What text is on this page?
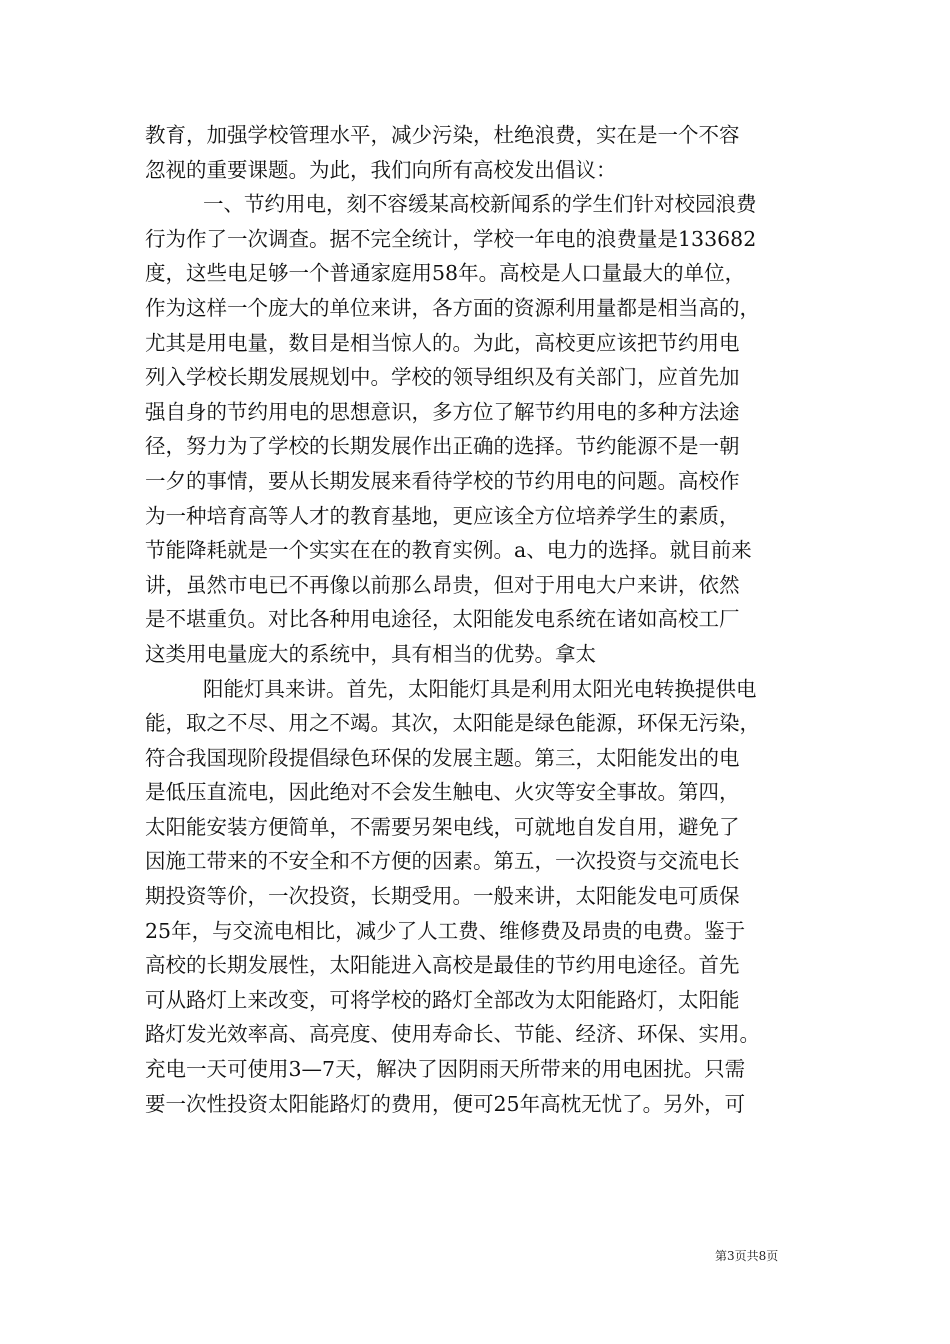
教育，加强学校管理水平，减少污染，杜绝浪费，实在是一个不容
忽视的重要课题。为此，我们向所有高校发出倡议：
一、节约用电，刻不容缓某高校新闻系的学生们针对校园浪费
行为作了一次调查。据不完全统计，学校一年电的浪费量是133682
度，这些电足够一个普通家庭用58年。高校是人口量最大的单位，
作为这样一个庞大的单位来讲，各方面的资源利用量都是相当高的，
尤其是用电量，数目是相当惊人的。为此，高校更应该把节约用电
列入学校长期发展规划中。学校的领导组织及有关部门，应首先加
强自身的节约用电的思想意识，多方位了解节约用电的多种方法途
径，努力为了学校的长期发展作出正确的选择。节约能源不是一朝
一夕的事情，要从长期发展来看待学校的节约用电的问题。高校作
为一种培育高等人才的教育基地，更应该全方位培养学生的素质，
节能降耗就是一个实实在在的教育实例。a、电力的选择。就目前来
讲，虽然市电已不再像以前那么昂贵，但对于用电大户来讲，依然
是不堪重负。对比各种用电途径，太阳能发电系统在诸如高校工厂
这类用电量庞大的系统中，具有相当的优势。拿太
阳能灯具来讲。首先，太阳能灯具是利用太阳光电转换提供电
能，取之不尽、用之不竭。其次，太阳能是绿色能源，环保无污染，
符合我国现阶段提倡绿色环保的发展主题。第三，太阳能发出的电
是低压直流电，因此绝对不会发生触电、火灾等安全事故。第四，
太阳能安装方便简单，不需要另架电线，可就地自发自用，避免了
因施工带来的不安全和不方便的因素。第五，一次投资与交流电长
期投资等价，一次投资，长期受用。一般来讲，太阳能发电可质保
25年，与交流电相比，减少了人工费、维修费及昂贵的电费。鉴于
高校的长期发展性，太阳能进入高校是最佳的节约用电途径。首先
可从路灯上来改变，可将学校的路灯全部改为太阳能路灯，太阳能
路灯发光效率高、高亮度、使用寿命长、节能、经济、环保、实用。
充电一天可使用3—7天，解决了因阴雨天所带来的用电困扰。只需
要一次性投资太阳能路灯的费用，便可25年高枕无忧了。另外，可
第3页共8页
